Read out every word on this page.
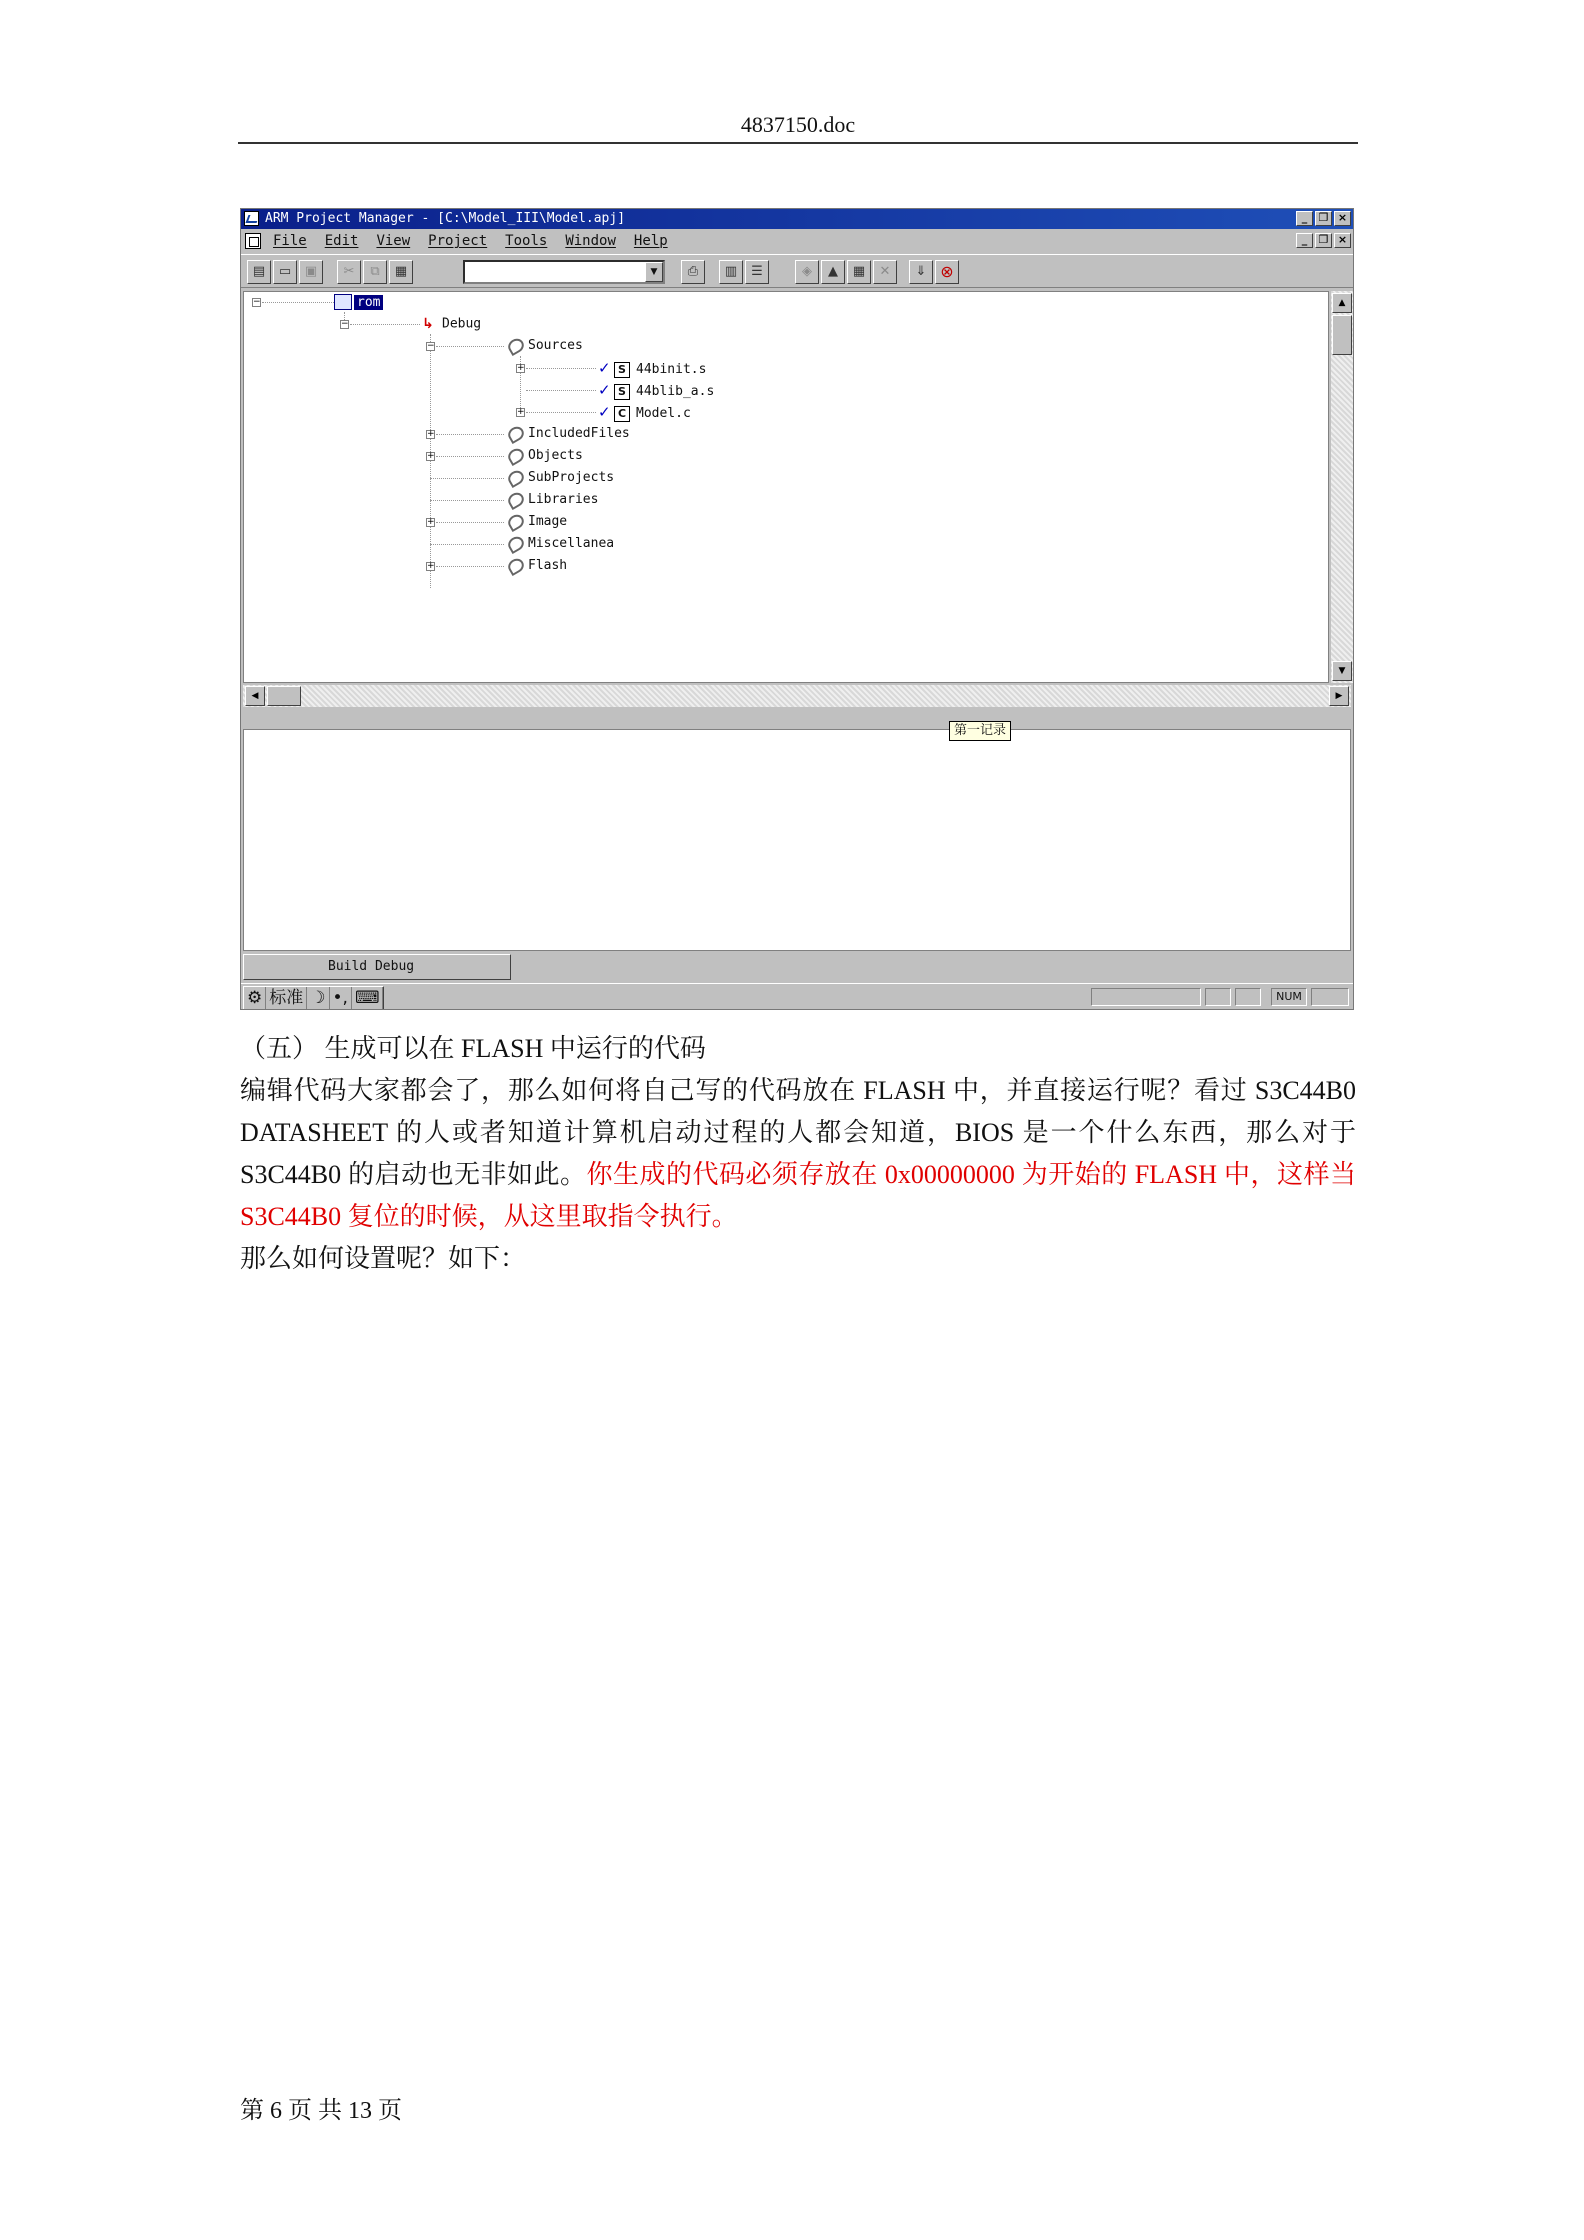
4837150.doc
ARM Project Manager - [C:\Model_III\Model.apj]	_	❐ ×
File Edit View Project Tools Window Help	_	❐ ×
▤	▭	▣	✂	⧉	▦	▼	⎙	▥	☰	◈	▲	▦	✕	⇓ ⊗
−	rom
−	↳ Debug
−	Sources
+	✓ S 44binit.s
✓ S 44blib_a.s
+	✓ C Model.c
+	IncludedFiles
+	Objects
SubProjects
Libraries
+	Image
Miscellanea
+	Flash
▲
▼
◀	▶
第一记录
Build Debug
⚙ 标准 ☽ •, ⌨	NUM

（五） 生成可以在 FLASH 中运行的代码

编辑代码大家都会了，那么如何将自己写的代码放在 FLASH 中，并直接运行呢？看过 S3C44B0 DATASHEET 的人或者知道计算机启动过程的人都会知道，BIOS 是一个什么东西，那么对于 S3C44B0 的启动也无非如此。你生成的代码必须存放在 0x00000000 为开始的 FLASH 中，这样当 S3C44B0 复位的时候，从这里取指令执行。

那么如何设置呢？如下：

第 6 页 共 13 页
